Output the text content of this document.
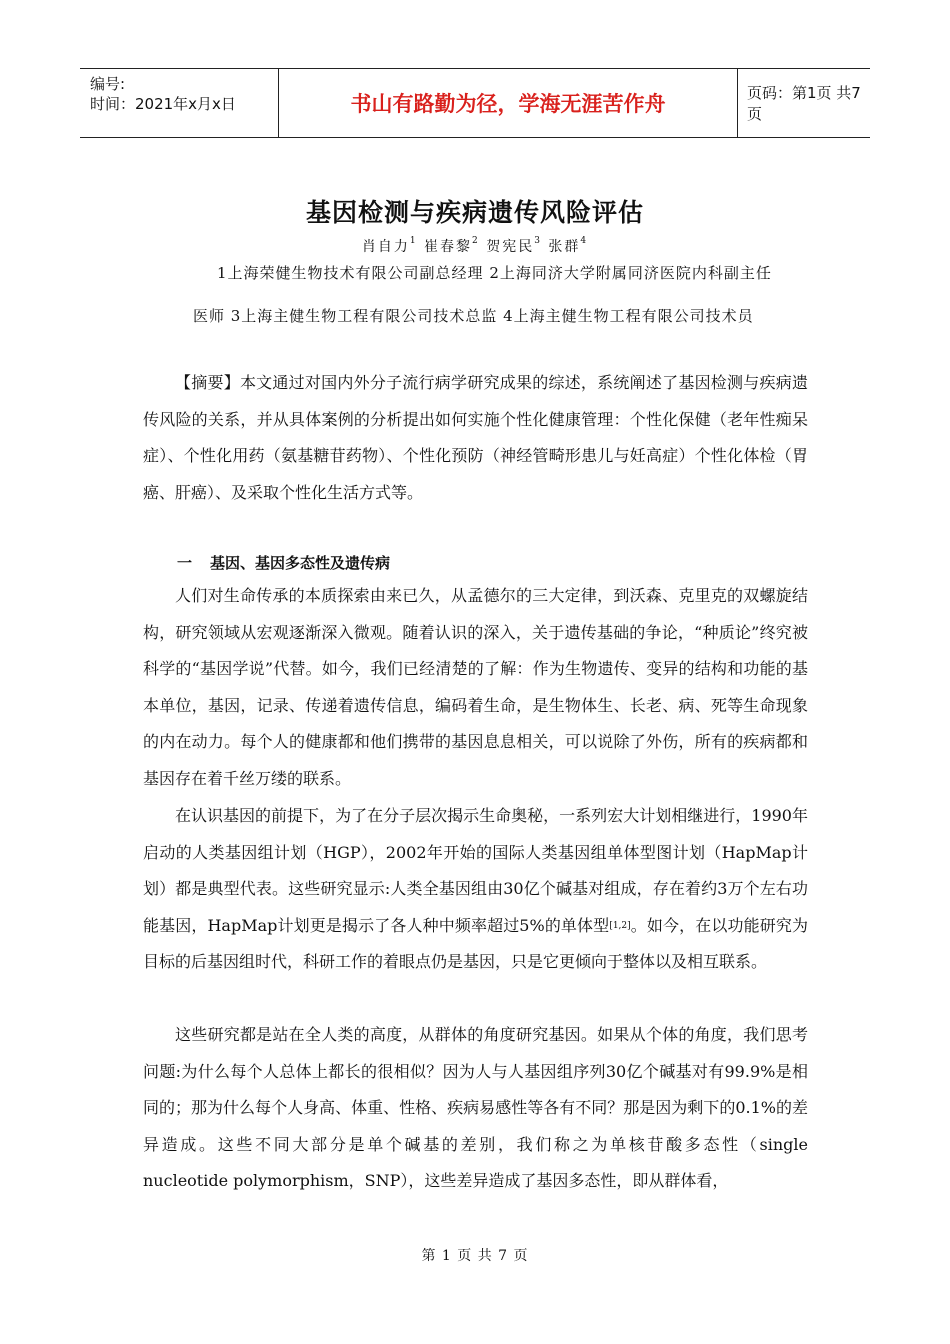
编号:
时间：2021年x月x日	书山有路勤为径，学海无涯苦作舟	页码：第1页 共7页
基因检测与疾病遗传风险评估
肖自力$^1$ 崔春黎$^2$ 贺宪民$^3$ 张群$^4$
1上海荣健生物技术有限公司副总经理 2上海同济大学附属同济医院内科副主任
医师 3上海主健生物工程有限公司技术总监 4上海主健生物工程有限公司技术员
【摘要】本文通过对国内外分子流行病学研究成果的综述，系统阐述了基因检测与疾病遗传风险的关系，并从具体案例的分析提出如何实施个性化健康管理：个性化保健（老年性痴呆症）、个性化用药（氨基糖苷药物）、个性化预防（神经管畸形患儿与妊高症）个性化体检（胃癌、肝癌）、及采取个性化生活方式等。
一 基因、基因多态性及遗传病
人们对生命传承的本质探索由来已久，从孟德尔的三大定律，到沃森、克里克的双螺旋结构，研究领域从宏观逐渐深入微观。随着认识的深入，关于遗传基础的争论，“种质论”终究被科学的“基因学说”代替。如今，我们已经清楚的了解：作为生物遗传、变异的结构和功能的基本单位，基因，记录、传递着遗传信息，编码着生命，是生物体生、长老、病、死等生命现象的内在动力。每个人的健康都和他们携带的基因息息相关，可以说除了外伤，所有的疾病都和基因存在着千丝万缕的联系。
在认识基因的前提下，为了在分子层次揭示生命奥秘，一系列宏大计划相继进行，1990年启动的人类基因组计划（HGP），2002年开始的国际人类基因组单体型图计划（HapMap计划）都是典型代表。这些研究显示:人类全基因组由30亿个碱基对组成，存在着约3万个左右功能基因，HapMap计划更是揭示了各人种中频率超过5%的单体型[1,2]。如今，在以功能研究为目标的后基因组时代，科研工作的着眼点仍是基因，只是它更倾向于整体以及相互联系。
这些研究都是站在全人类的高度，从群体的角度研究基因。如果从个体的角度，我们思考问题:为什么每个人总体上都长的很相似？因为人与人基因组序列30亿个碱基对有99.9%是相同的；那为什么每个人身高、体重、性格、疾病易感性等各有不同？那是因为剩下的0.1%的差异造成。这些不同大部分是单个碱基的差别，我们称之为单核苷酸多态性（single nucleotide polymorphism，SNP），这些差异造成了基因多态性，即从群体看，
第 1 页 共 7 页
